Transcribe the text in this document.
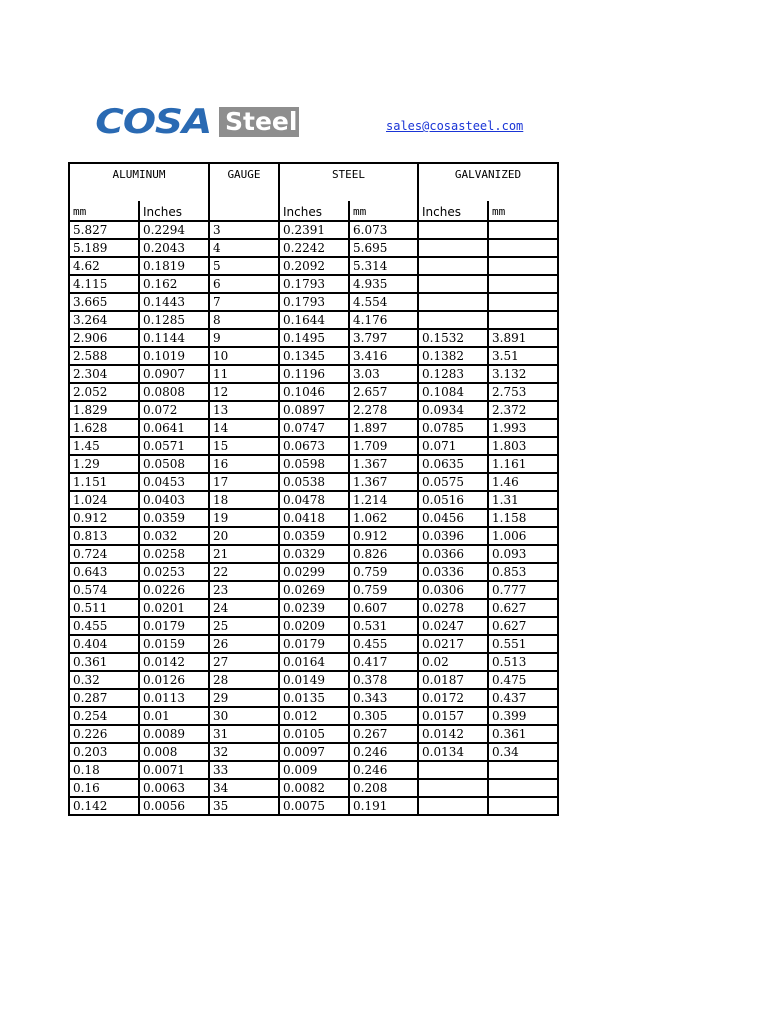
COSA Steel	sales@cosasteel.com
ALUMINUM		GAUGE	STEEL		GALVANIZED	
mm	Inches		Inches	mm	Inches	mm
5.827	0.2294	3	0.2391	6.073		
5.189	0.2043	4	0.2242	5.695		
4.62	0.1819	5	0.2092	5.314		
4.115	0.162	6	0.1793	4.935		
3.665	0.1443	7	0.1793	4.554		
3.264	0.1285	8	0.1644	4.176		
2.906	0.1144	9	0.1495	3.797	0.1532	3.891
2.588	0.1019	10	0.1345	3.416	0.1382	3.51
2.304	0.0907	11	0.1196	3.03	0.1283	3.132
2.052	0.0808	12	0.1046	2.657	0.1084	2.753
1.829	0.072	13	0.0897	2.278	0.0934	2.372
1.628	0.0641	14	0.0747	1.897	0.0785	1.993
1.45	0.0571	15	0.0673	1.709	0.071	1.803
1.29	0.0508	16	0.0598	1.367	0.0635	1.161
1.151	0.0453	17	0.0538	1.367	0.0575	1.46
1.024	0.0403	18	0.0478	1.214	0.0516	1.31
0.912	0.0359	19	0.0418	1.062	0.0456	1.158
0.813	0.032	20	0.0359	0.912	0.0396	1.006
0.724	0.0258	21	0.0329	0.826	0.0366	0.093
0.643	0.0253	22	0.0299	0.759	0.0336	0.853
0.574	0.0226	23	0.0269	0.759	0.0306	0.777
0.511	0.0201	24	0.0239	0.607	0.0278	0.627
0.455	0.0179	25	0.0209	0.531	0.0247	0.627
0.404	0.0159	26	0.0179	0.455	0.0217	0.551
0.361	0.0142	27	0.0164	0.417	0.02	0.513
0.32	0.0126	28	0.0149	0.378	0.0187	0.475
0.287	0.0113	29	0.0135	0.343	0.0172	0.437
0.254	0.01	30	0.012	0.305	0.0157	0.399
0.226	0.0089	31	0.0105	0.267	0.0142	0.361
0.203	0.008	32	0.0097	0.246	0.0134	0.34
0.18	0.0071	33	0.009	0.246		
0.16	0.0063	34	0.0082	0.208		
0.142	0.0056	35	0.0075	0.191		
